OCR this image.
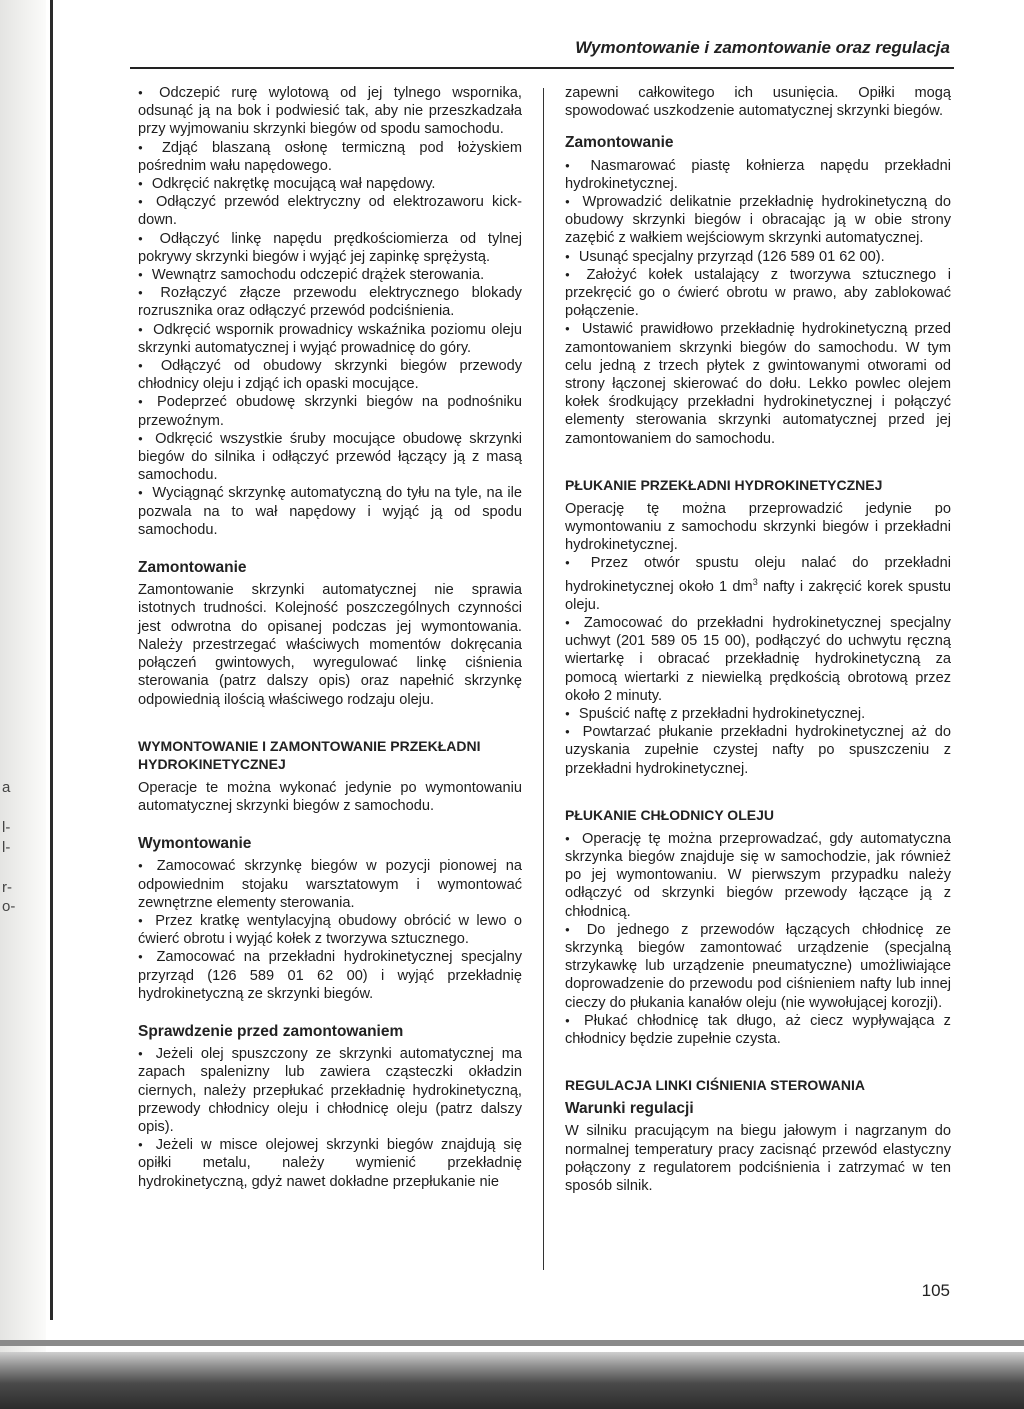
a
l-
l-
r-
o-
Wymontowanie i zamontowanie oraz regulacja

● Odczepić rurę wylotową od jej tylnego wspornika, odsunąć ją na bok i podwiesić tak, aby nie przeszkadzała przy wyjmowaniu skrzynki biegów od spodu samochodu.

● Zdjąć blaszaną osłonę termiczną pod łożyskiem pośrednim wału napędowego.

● Odkręcić nakrętkę mocującą wał napędowy.

● Odłączyć przewód elektryczny od elektrozaworu kick-down.

● Odłączyć linkę napędu prędkościomierza od tylnej pokrywy skrzynki biegów i wyjąć jej zapinkę sprężystą.

● Wewnątrz samochodu odczepić drążek sterowania.

● Rozłączyć złącze przewodu elektrycznego blokady rozrusznika oraz odłączyć przewód podciśnienia.

● Odkręcić wspornik prowadnicy wskaźnika poziomu oleju skrzynki automatycznej i wyjąć prowadnicę do góry.

● Odłączyć od obudowy skrzynki biegów przewody chłodnicy oleju i zdjąć ich opaski mocujące.

● Podeprzeć obudowę skrzynki biegów na podnośniku przewoźnym.

● Odkręcić wszystkie śruby mocujące obudowę skrzynki biegów do silnika i odłączyć przewód łączący ją z masą samochodu.

● Wyciągnąć skrzynkę automatyczną do tyłu na tyle, na ile pozwala na to wał napędowy i wyjąć ją od spodu samochodu.

Zamontowanie

Zamontowanie skrzynki automatycznej nie sprawia istotnych trudności. Kolejność poszczególnych czynności jest odwrotna do opisanej podczas jej wymontowania. Należy przestrzegać właściwych momentów dokręcania połączeń gwintowych, wyregulować linkę ciśnienia sterowania (patrz dalszy opis) oraz napełnić skrzynkę odpowiednią ilością właściwego rodzaju oleju.

WYMONTOWANIE I ZAMONTOWANIE PRZEKŁADNI HYDROKINETYCZNEJ

Operacje te można wykonać jedynie po wymontowaniu automatycznej skrzynki biegów z samochodu.

Wymontowanie

● Zamocować skrzynkę biegów w pozycji pionowej na odpowiednim stojaku warsztatowym i wymontować zewnętrzne elementy sterowania.

● Przez kratkę wentylacyjną obudowy obrócić w lewo o ćwierć obrotu i wyjąć kołek z tworzywa sztucznego.

● Zamocować na przekładni hydrokinetycznej specjalny przyrząd (126 589 01 62 00) i wyjąć przekładnię hydrokinetyczną ze skrzynki biegów.

Sprawdzenie przed zamontowaniem

● Jeżeli olej spuszczony ze skrzynki automatycznej ma zapach spalenizny lub zawiera cząsteczki okładzin ciernych, należy przepłukać przekładnię hydrokinetyczną, przewody chłodnicy oleju i chłodnicę oleju (patrz dalszy opis).

● Jeżeli w misce olejowej skrzynki biegów znajdują się opiłki metalu, należy wymienić przekładnię hydrokinetyczną, gdyż nawet dokładne przepłukanie nie

zapewni całkowitego ich usunięcia. Opiłki mogą spowodować uszkodzenie automatycznej skrzynki biegów.

Zamontowanie

● Nasmarować piastę kołnierza napędu przekładni hydrokinetycznej.

● Wprowadzić delikatnie przekładnię hydrokinetyczną do obudowy skrzynki biegów i obracając ją w obie strony zazębić z wałkiem wejściowym skrzynki automatycznej.

● Usunąć specjalny przyrząd (126 589 01 62 00).

● Założyć kołek ustalający z tworzywa sztucznego i przekręcić go o ćwierć obrotu w prawo, aby zablokować połączenie.

● Ustawić prawidłowo przekładnię hydrokinetyczną przed zamontowaniem skrzynki biegów do samochodu. W tym celu jedną z trzech płytek z gwintowanymi otworami od strony łączonej skierować do dołu. Lekko powlec olejem kołek środkujący przekładni hydrokinetycznej i połączyć elementy sterowania skrzynki automatycznej przed jej zamontowaniem do samochodu.

PŁUKANIE PRZEKŁADNI HYDROKINETYCZNEJ

Operację tę można przeprowadzić jedynie po wymontowaniu z samochodu skrzynki biegów i przekładni hydrokinetycznej.

● Przez otwór spustu oleju nalać do przekładni hydrokinetycznej około 1 $dm^3$ nafty i zakręcić korek spustu oleju.

● Zamocować do przekładni hydrokinetycznej specjalny uchwyt (201 589 05 15 00), podłączyć do uchwytu ręczną wiertarkę i obracać przekładnię hydrokinetyczną za pomocą wiertarki z niewielką prędkością obrotową przez około 2 minuty.

● Spuścić naftę z przekładni hydrokinetycznej.

● Powtarzać płukanie przekładni hydrokinetycznej aż do uzyskania zupełnie czystej nafty po spuszczeniu z przekładni hydrokinetycznej.

PŁUKANIE CHŁODNICY OLEJU

● Operację tę można przeprowadzać, gdy automatyczna skrzynka biegów znajduje się w samochodzie, jak również po jej wymontowaniu. W pierwszym przypadku należy odłączyć od skrzynki biegów przewody łączące ją z chłodnicą.

● Do jednego z przewodów łączących chłodnicę ze skrzynką biegów zamontować urządzenie (specjalną strzykawkę lub urządzenie pneumatyczne) umożliwiające doprowadzenie do przewodu pod ciśnieniem nafty lub innej cieczy do płukania kanałów oleju (nie wywołującej korozji).

● Płukać chłodnicę tak długo, aż ciecz wypływająca z chłodnicy będzie zupełnie czysta.

REGULACJA LINKI CIŚNIENIA STEROWANIA
Warunki regulacji

W silniku pracującym na biegu jałowym i nagrzanym do normalnej temperatury pracy zacisnąć przewód elastyczny połączony z regulatorem podciśnienia i zatrzymać w ten sposób silnik.

105
